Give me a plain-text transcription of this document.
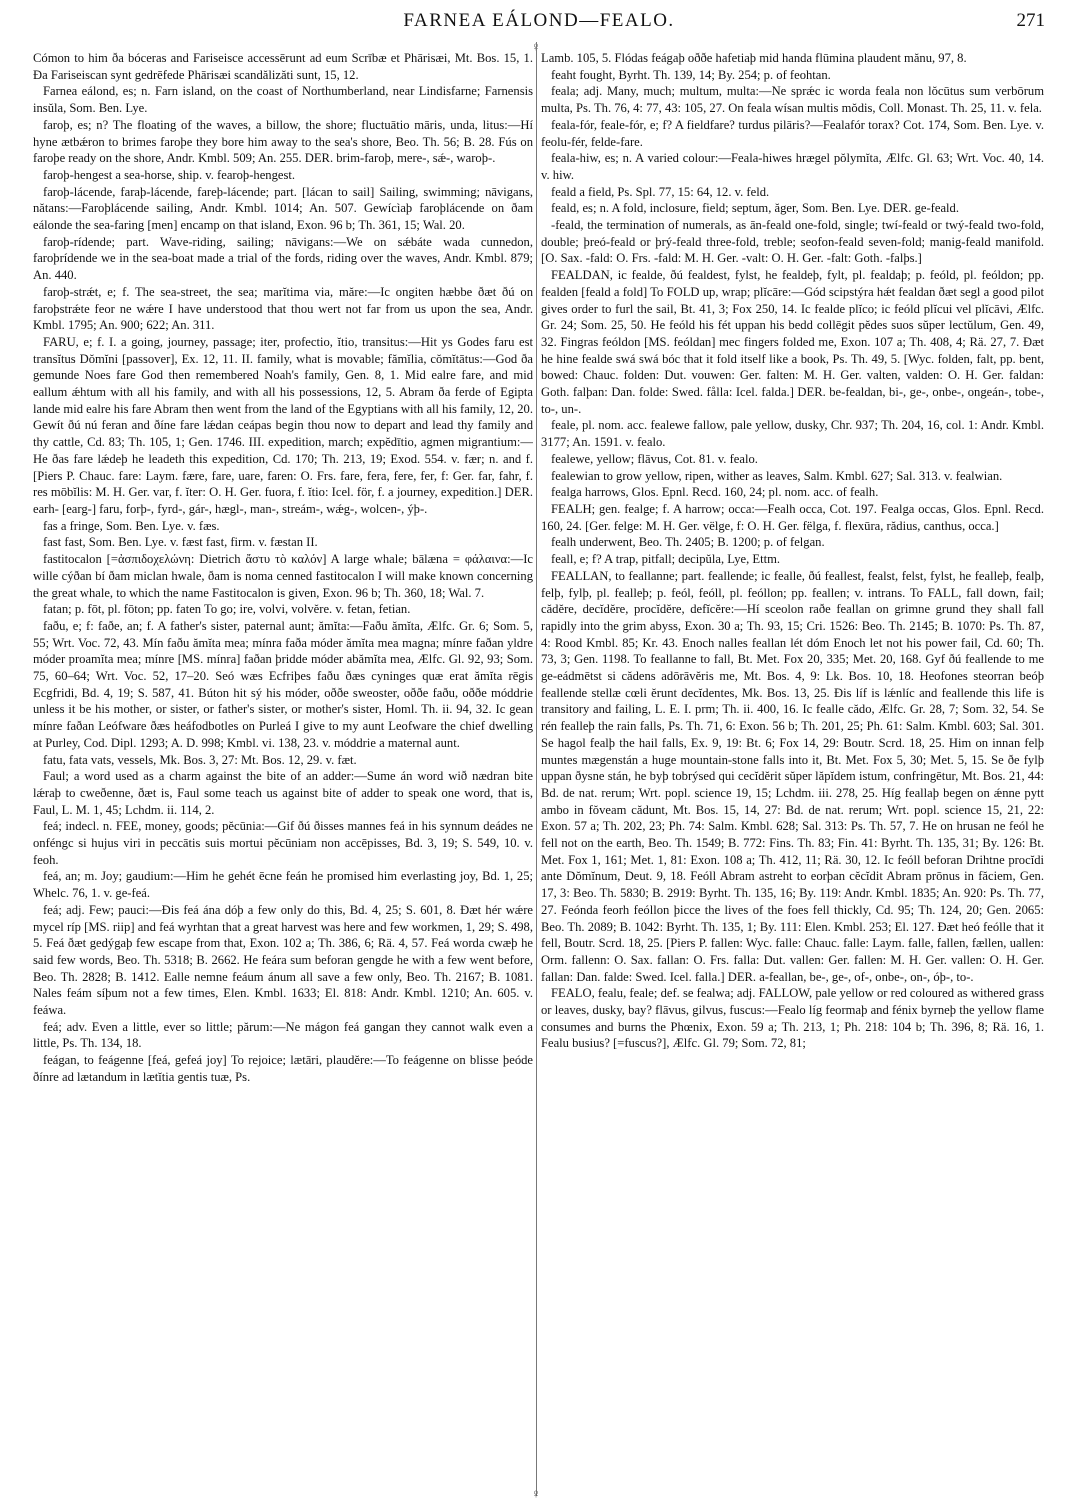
FARNEA EÁLOND—FEALO.	271
♀
♀

Cómon to him ða bóceras and Fariseisce accessērunt ad eum Scrībæ et Phārisæi, Mt. Bos. 15, 1. Ða Fariseiscan synt gedrēfede Phārisæi scandălizăti sunt, 15, 12.

Farnea eálond, es; n. Farn island, on the coast of Northumberland, near Lindisfarne; Farnensis insŭla, Som. Ben. Lye.

faroþ, es; n? The floating of the waves, a billow, the shore; fluctuātio māris, unda, litus:—Hí hyne ætbǽron to brimes faroþe they bore him away to the sea's shore, Beo. Th. 56; B. 28. Fús on faroþe ready on the shore, Andr. Kmbl. 509; An. 255. DER. brim-faroþ, mere-, sǽ-, waroþ-.

faroþ-hengest a sea-horse, ship. v. fearoþ-hengest.

faroþ-lácende, faraþ-lácende, fareþ-lácende; part. [lácan to sail] Sailing, swimming; nāvigans, nătans:—Faroþlácende sailing, Andr. Kmbl. 1014; An. 507. Gewícìaþ faroþlácende on ðam eálonde the sea-faring [men] encamp on that island, Exon. 96 b; Th. 361, 15; Wal. 20.

faroþ-rídende; part. Wave-riding, sailing; nāvigans:—We on sǽbáte wada cunnedon, faroþrídende we in the sea-boat made a trial of the fords, riding over the waves, Andr. Kmbl. 879; An. 440.

faroþ-strǽt, e; f. The sea-street, the sea; marĭtima via, măre:—Ic ongiten hæbbe ðæt ðú on faroþstrǽte feor ne wǽre I have understood that thou wert not far from us upon the sea, Andr. Kmbl. 1795; An. 900; 622; An. 311.

FARU, e; f. I. a going, journey, passage; iter, profectio, ĭtio, transitus:—Hit ys Godes faru est transĭtus Dŏmĭni [passover], Ex. 12, 11. II. family, what is movable; fămĭlia, cŏmĭtātus:—God ða gemunde Noes fare God then remembered Noah's family, Gen. 8, 1. Mid ealre fare, and mid eallum ǽhtum with all his family, and with all his possessions, 12, 5. Abram ða ferde of Egipta lande mid ealre his fare Abram then went from the land of the Egyptians with all his family, 12, 20. Gewít ðú nú feran and ðíne fare lǽdan ceápas begin thou now to depart and lead thy family and thy cattle, Cd. 83; Th. 105, 1; Gen. 1746. III. expedition, march; expĕdītio, agmen migrantium:—He ðas fare lǽdeþ he leadeth this expedition, Cd. 170; Th. 213, 19; Exod. 554. v. fær; n. and f. [Piers P. Chauc. fare: Laym. fære, fare, uare, faren: O. Frs. fare, fera, fere, fer, f: Ger. far, fahr, f. res mōbĭlis: M. H. Ger. var, f. ĭter: O. H. Ger. fuora, f. ĭtio: Icel. för, f. a journey, expedition.] DER. earh- [earg-] faru, forþ-, fyrd-, gár-, hægl-, man-, streám-, wǽg-, wolcen-, ýþ-.

fas a fringe, Som. Ben. Lye. v. fæs.

fast fast, Som. Ben. Lye. v. fæst fast, firm. v. fæstan II.

fastitocalon [=ἀσπιδοχελώνη: Dietrich ἄστυ τὸ καλόν] A large whale; bālæna = φάλαινα:—Ic wille cýðan bí ðam miclan hwale, ðam is noma cenned fastitocalon I will make known concerning the great whale, to which the name Fastitocalon is given, Exon. 96 b; Th. 360, 18; Wal. 7.

fatan; p. fōt, pl. fōton; pp. faten To go; ire, volvi, volvĕre. v. fetan, fetian.

faðu, e; f: faðe, an; f. A father's sister, paternal aunt; ămĭta:—Faðu ămĭta, Ælfc. Gr. 6; Som. 5, 55; Wrt. Voc. 72, 43. Mín faðu ămĭta mea; mínra faða móder ămĭta mea magna; mínre faðan yldre móder proamĭta mea; mínre [MS. mínra] faðan þridde móder abămĭta mea, Ælfc. Gl. 92, 93; Som. 75, 60–64; Wrt. Voc. 52, 17–20. Seó wæs Ecfriþes faðu ðæs cyninges quæ erat ămĭta rēgis Ecgfridi, Bd. 4, 19; S. 587, 41. Búton hit sý his móder, oððe sweoster, oððe faðu, oððe móddrie unless it be his mother, or sister, or father's sister, or mother's sister, Homl. Th. ii. 94, 32. Ic gean mínre faðan Leófware ðæs heáfodbotles on Purleá I give to my aunt Leofware the chief dwelling at Purley, Cod. Dipl. 1293; A. D. 998; Kmbl. vi. 138, 23. v. móddrie a maternal aunt.

fatu, fata vats, vessels, Mk. Bos. 3, 27: Mt. Bos. 12, 29. v. fæt.

Faul; a word used as a charm against the bite of an adder:—Sume án word wið nædran bite lǽraþ to cweðenne, ðæt is, Faul some teach us against bite of adder to speak one word, that is, Faul, L. M. 1, 45; Lchdm. ii. 114, 2.

feá; indecl. n. FEE, money, goods; pĕcūnia:—Gif ðú ðisses mannes feá in his synnum deádes ne onféngc si hujus viri in peccātis suis mortui pĕcūniam non accēpisses, Bd. 3, 19; S. 549, 10. v. feoh.

feá, an; m. Joy; gaudium:—Him he gehét ēcne feán he promised him everlasting joy, Bd. 1, 25; Whelc. 76, 1. v. ge-feá.

feá; adj. Few; pauci:—Ðis feá ána dóþ a few only do this, Bd. 4, 25; S. 601, 8. Ðæt hér wǽre mycel ríp [MS. riip] and feá wyrhtan that a great harvest was here and few workmen, 1, 29; S. 498, 5. Feá ðæt gedýgaþ few escape from that, Exon. 102 a; Th. 386, 6; Rä. 4, 57. Feá worda cwæþ he said few words, Beo. Th. 5318; B. 2662. He feára sum beforan gengde he with a few went before, Beo. Th. 2828; B. 1412. Ealle nemne feáum ánum all save a few only, Beo. Th. 2167; B. 1081. Nales feám síþum not a few times, Elen. Kmbl. 1633; El. 818: Andr. Kmbl. 1210; An. 605. v. feáwa.

feá; adv. Even a little, ever so little; părum:—Ne mágon feá gangan they cannot walk even a little, Ps. Th. 134, 18.

feágan, to feágenne [feá, gefeá joy] To rejoice; lætāri, plaudĕre:—To feágenne on blisse þeóde ðínre ad lætandum in lætĭtia gentis tuæ, Ps.

Lamb. 105, 5. Flódas feágaþ oððe hafetiaþ mid handa flūmina plaudent mănu, 97, 8.

feaht fought, Byrht. Th. 139, 14; By. 254; p. of feohtan.

feala; adj. Many, much; multum, multa:—Ne sprǽc ic worda feala non lŏcūtus sum verbōrum multa, Ps. Th. 76, 4: 77, 43: 105, 27. On feala wísan multis mŏdis, Coll. Monast. Th. 25, 11. v. fela.

feala-fór, feale-fór, e; f? A fieldfare? turdus pilāris?—Fealafór torax? Cot. 174, Som. Ben. Lye. v. feolu-fér, felde-fare.

feala-hiw, es; n. A varied colour:—Feala-hiwes hrægel pŏlymĭta, Ælfc. Gl. 63; Wrt. Voc. 40, 14. v. hiw.

feald a field, Ps. Spl. 77, 15: 64, 12. v. feld.

feald, es; n. A fold, inclosure, field; septum, ăger, Som. Ben. Lye. DER. ge-feald.

-feald, the termination of numerals, as ān-feald one-fold, single; twí-feald or twý-feald two-fold, double; þreó-feald or þrý-feald three-fold, treble; seofon-feald seven-fold; manig-feald manifold. [O. Sax. -fald: O. Frs. -fald: M. H. Ger. -valt: O. H. Ger. -falt: Goth. -falþs.]

FEALDAN, ic fealde, ðú fealdest, fylst, he fealdeþ, fylt, pl. fealdaþ; p. feóld, pl. feóldon; pp. fealden [feald a fold] To FOLD up, wrap; plĭcāre:—Gód scipstýra hǽt fealdan ðæt segl a good pilot gives order to furl the sail, Bt. 41, 3; Fox 250, 14. Ic fealde plĭco; ic feóld plĭcui vel plĭcāvi, Ælfc. Gr. 24; Som. 25, 50. He feóld his fét uppan his bedd collēgit pĕdes suos sŭper lectŭlum, Gen. 49, 32. Fingras feóldon [MS. feóldan] mec fingers folded me, Exon. 107 a; Th. 408, 4; Rä. 27, 7. Ðæt he hine fealde swá swá bóc that it fold itself like a book, Ps. Th. 49, 5. [Wyc. folden, falt, pp. bent, bowed: Chauc. folden: Dut. vouwen: Ger. falten: M. H. Ger. valten, valden: O. H. Ger. faldan: Goth. falþan: Dan. folde: Swed. fålla: Icel. falda.] DER. be-fealdan, bi-, ge-, onbe-, ongeán-, tobe-, to-, un-.

feale, pl. nom. acc. fealewe fallow, pale yellow, dusky, Chr. 937; Th. 204, 16, col. 1: Andr. Kmbl. 3177; An. 1591. v. fealo.

fealewe, yellow; flāvus, Cot. 81. v. fealo.

fealewian to grow yellow, ripen, wither as leaves, Salm. Kmbl. 627; Sal. 313. v. fealwian.

fealga harrows, Glos. Epnl. Recd. 160, 24; pl. nom. acc. of fealh.

FEALH; gen. fealge; f. A harrow; occa:—Fealh occa, Cot. 197. Fealga occas, Glos. Epnl. Recd. 160, 24. [Ger. felge: M. H. Ger. vëlge, f: O. H. Ger. fëlga, f. flexūra, rădius, canthus, occa.]

fealh underwent, Beo. Th. 2405; B. 1200; p. of felgan.

feall, e; f? A trap, pitfall; decipŭla, Lye, Ettm.

FEALLAN, to feallanne; part. feallende; ic fealle, ðú feallest, fealst, felst, fylst, he fealleþ, fealþ, felþ, fylþ, pl. fealleþ; p. feól, feóll, pl. feóllon; pp. feallen; v. intrans. To FALL, fall down, fail; cădĕre, decĭdĕre, procĭdĕre, defĭcĕre:—Hí sceolon raðe feallan on grimne grund they shall fall rapidly into the grim abyss, Exon. 30 a; Th. 93, 15; Cri. 1526: Beo. Th. 2145; B. 1070: Ps. Th. 87, 4: Rood Kmbl. 85; Kr. 43. Enoch nalles feallan lét dóm Enoch let not his power fail, Cd. 60; Th. 73, 3; Gen. 1198. To feallanne to fall, Bt. Met. Fox 20, 335; Met. 20, 168. Gyf ðú feallende to me ge-eádmētst si cădens adōrāvĕris me, Mt. Bos. 4, 9: Lk. Bos. 10, 18. Heofones steorran beóþ feallende stellæ cœli ĕrunt decĭdentes, Mk. Bos. 13, 25. Ðis líf is lǽnlíc and feallende this life is transitory and failing, L. E. I. prm; Th. ii. 400, 16. Ic fealle cădo, Ælfc. Gr. 28, 7; Som. 32, 54. Se rén fealleþ the rain falls, Ps. Th. 71, 6: Exon. 56 b; Th. 201, 25; Ph. 61: Salm. Kmbl. 603; Sal. 301. Se hagol fealþ the hail falls, Ex. 9, 19: Bt. 6; Fox 14, 29: Boutr. Scrd. 18, 25. Him on innan felþ muntes mægenstán a huge mountain-stone falls into it, Bt. Met. Fox 5, 30; Met. 5, 15. Se ðe fylþ uppan ðysne stán, he byþ tobrýsed qui cecĭdĕrit sŭper lăpĭdem istum, confringētur, Mt. Bos. 21, 44: Bd. de nat. rerum; Wrt. popl. science 19, 15; Lchdm. iii. 278, 25. Híg feallaþ begen on ǽnne pytt ambo in fŏveam cădunt, Mt. Bos. 15, 14, 27: Bd. de nat. rerum; Wrt. popl. science 15, 21, 22: Exon. 57 a; Th. 202, 23; Ph. 74: Salm. Kmbl. 628; Sal. 313: Ps. Th. 57, 7. He on hrusan ne feól he fell not on the earth, Beo. Th. 1549; B. 772: Fins. Th. 83; Fin. 41: Byrht. Th. 135, 31; By. 126: Bt. Met. Fox 1, 161; Met. 1, 81: Exon. 108 a; Th. 412, 11; Rä. 30, 12. Ic feóll beforan Drihtne procĭdi ante Dŏmĭnum, Deut. 9, 18. Feóll Abram astreht to eorþan cĕcĭdit Abram prōnus in făciem, Gen. 17, 3: Beo. Th. 5830; B. 2919: Byrht. Th. 135, 16; By. 119: Andr. Kmbl. 1835; An. 920: Ps. Th. 77, 27. Feónda feorh feóllon þicce the lives of the foes fell thickly, Cd. 95; Th. 124, 20; Gen. 2065: Beo. Th. 2089; B. 1042: Byrht. Th. 135, 1; By. 111: Elen. Kmbl. 253; El. 127. Ðæt heó feólle that it fell, Boutr. Scrd. 18, 25. [Piers P. fallen: Wyc. falle: Chauc. falle: Laym. falle, fallen, fællen, uallen: Orm. fallenn: O. Sax. fallan: O. Frs. falla: Dut. vallen: Ger. fallen: M. H. Ger. vallen: O. H. Ger. fallan: Dan. falde: Swed. Icel. falla.] DER. a-feallan, be-, ge-, of-, onbe-, on-, óþ-, to-.

FEALO, fealu, feale; def. se fealwa; adj. FALLOW, pale yellow or red coloured as withered grass or leaves, dusky, bay? flāvus, gilvus, fuscus:—Fealo líg feormaþ and fénix byrneþ the yellow flame consumes and burns the Phœnix, Exon. 59 a; Th. 213, 1; Ph. 218: 104 b; Th. 396, 8; Rä. 16, 1. Fealu busius? [=fuscus?], Ælfc. Gl. 79; Som. 72, 81;
